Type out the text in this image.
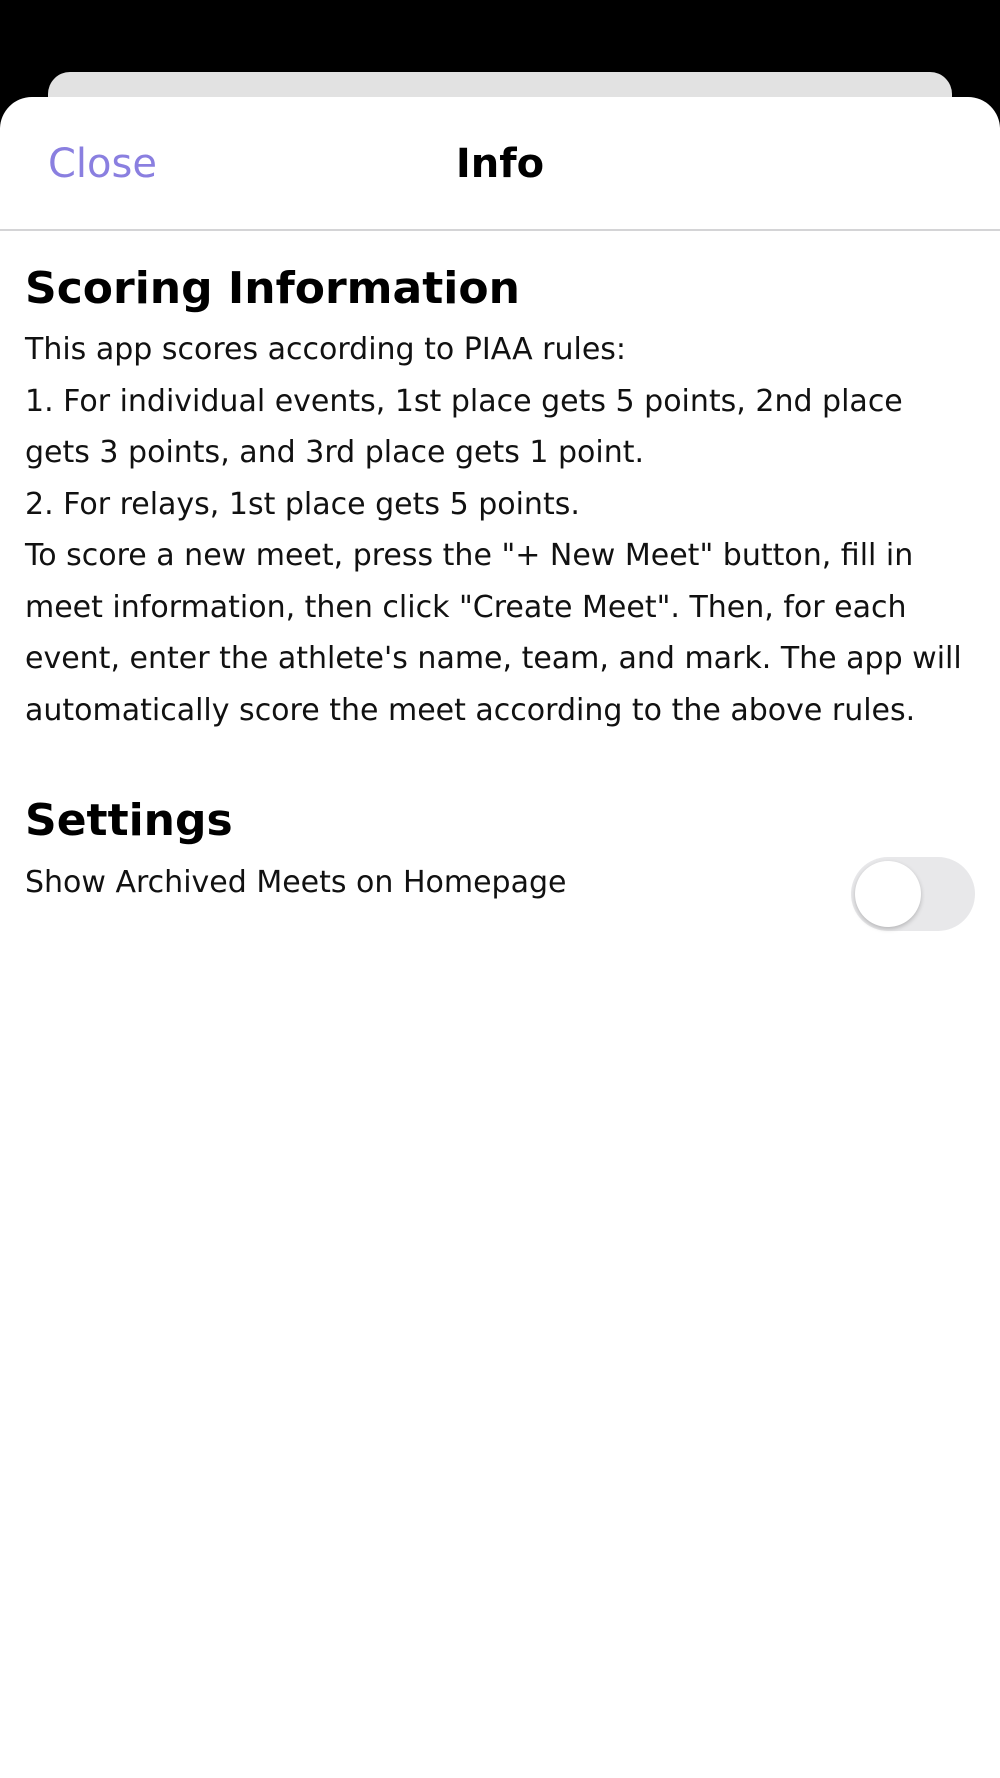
Close	Info
Scoring Information

This app scores according to PIAA rules:

1. For individual events, 1st place gets 5 points, 2nd place gets 3 points, and 3rd place gets 1 point.

2. For relays, 1st place gets 5 points.

To score a new meet, press the "+ New Meet" button, fill in meet information, then click "Create Meet". Then, for each event, enter the athlete's name, team, and mark. The app will automatically score the meet according to the above rules.

Settings
Show Archived Meets on Homepage
